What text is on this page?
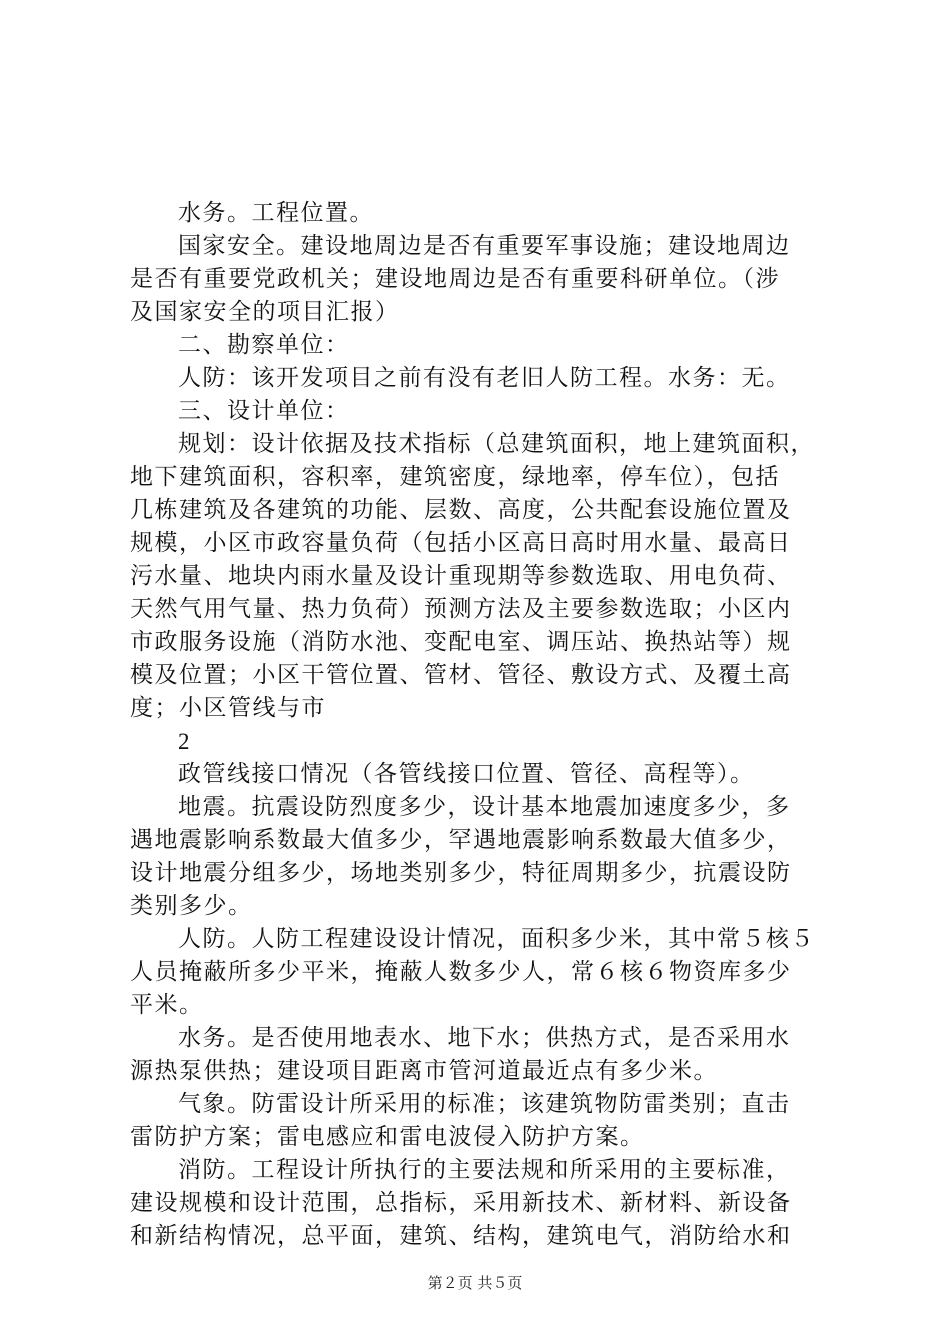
水务。工程位置。
国家安全。建设地周边是否有重要军事设施；建设地周边
是否有重要党政机关；建设地周边是否有重要科研单位。（涉
及国家安全的项目汇报）
二、勘察单位：
人防：该开发项目之前有没有老旧人防工程。水务：无。
三、设计单位：
规划：设计依据及技术指标（总建筑面积，地上建筑面积，
地下建筑面积，容积率，建筑密度，绿地率，停车位），包括
几栋建筑及各建筑的功能、层数、高度，公共配套设施位置及
规模，小区市政容量负荷（包括小区高日高时用水量、最高日
污水量、地块内雨水量及设计重现期等参数选取、用电负荷、
天然气用气量、热力负荷）预测方法及主要参数选取；小区内
市政服务设施（消防水池、变配电室、调压站、换热站等）规
模及位置；小区干管位置、管材、管径、敷设方式、及覆土高
度；小区管线与市
2
政管线接口情况（各管线接口位置、管径、高程等）。
地震。抗震设防烈度多少，设计基本地震加速度多少，多
遇地震影响系数最大值多少，罕遇地震影响系数最大值多少，
设计地震分组多少，场地类别多少，特征周期多少，抗震设防
类别多少。
人防。人防工程建设设计情况，面积多少米，其中常５核５
人员掩蔽所多少平米，掩蔽人数多少人，常６核６物资库多少
平米。
水务。是否使用地表水、地下水；供热方式，是否采用水
源热泵供热；建设项目距离市管河道最近点有多少米。
气象。防雷设计所采用的标准；该建筑物防雷类别；直击
雷防护方案；雷电感应和雷电波侵入防护方案。
消防。工程设计所执行的主要法规和所采用的主要标准，
建设规模和设计范围，总指标，采用新技术、新材料、新设备
和新结构情况，总平面，建筑、结构，建筑电气，消防给水和
第２页 共５页
